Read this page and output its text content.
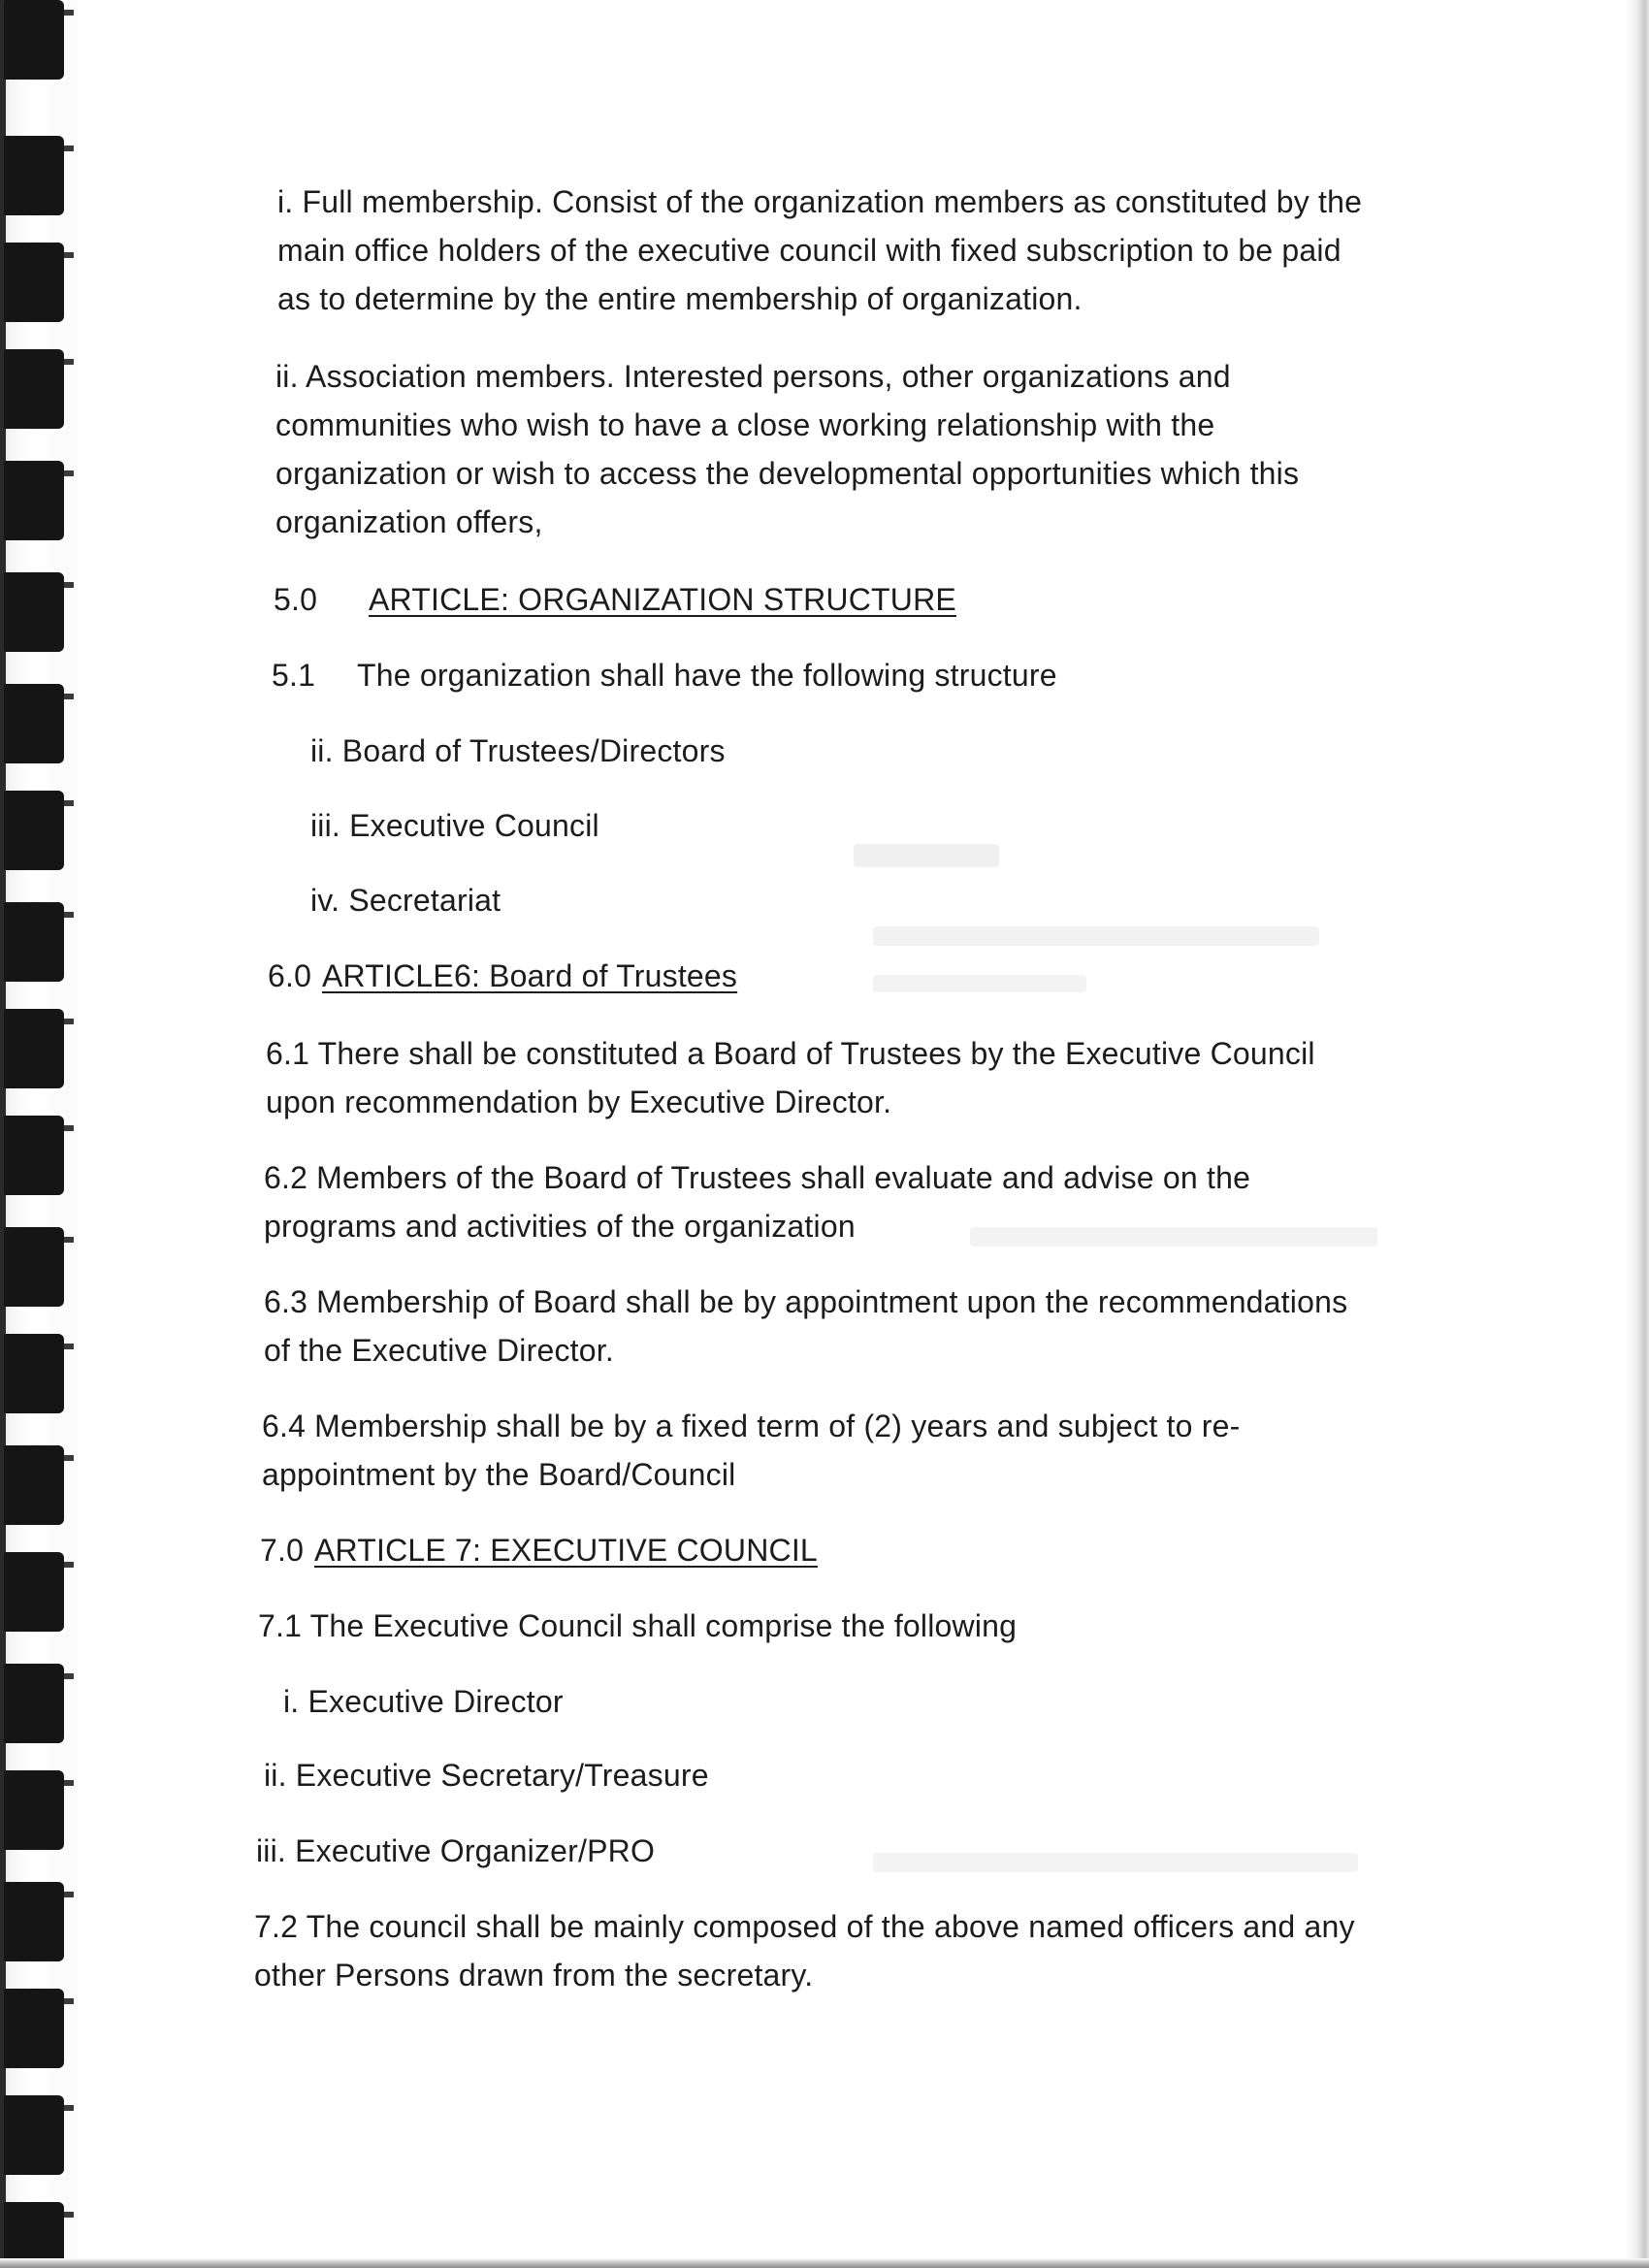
i. Full membership. Consist of the organization members as constituted by the
main office holders of the executive council with fixed subscription to be paid
as to determine by the entire membership of organization.
ii. Association members. Interested persons, other organizations and
communities who wish to have a close working relationship with the
organization or wish to access the developmental opportunities which this
organization offers,
5.0 ARTICLE: ORGANIZATION STRUCTURE
5.1 The organization shall have the following structure
ii. Board of Trustees/Directors
iii. Executive Council
iv. Secretariat
6.0 ARTICLE6: Board of Trustees
6.1 There shall be constituted a Board of Trustees by the Executive Council
upon recommendation by Executive Director.
6.2 Members of the Board of Trustees shall evaluate and advise on the
programs and activities of the organization
6.3 Membership of Board shall be by appointment upon the recommendations
of the Executive Director.
6.4 Membership shall be by a fixed term of (2) years and subject to re-
appointment by the Board/Council
7.0 ARTICLE 7: EXECUTIVE COUNCIL
7.1 The Executive Council shall comprise the following
i. Executive Director
ii. Executive Secretary/Treasure
iii. Executive Organizer/PRO
7.2 The council shall be mainly composed of the above named officers and any
other Persons drawn from the secretary.
